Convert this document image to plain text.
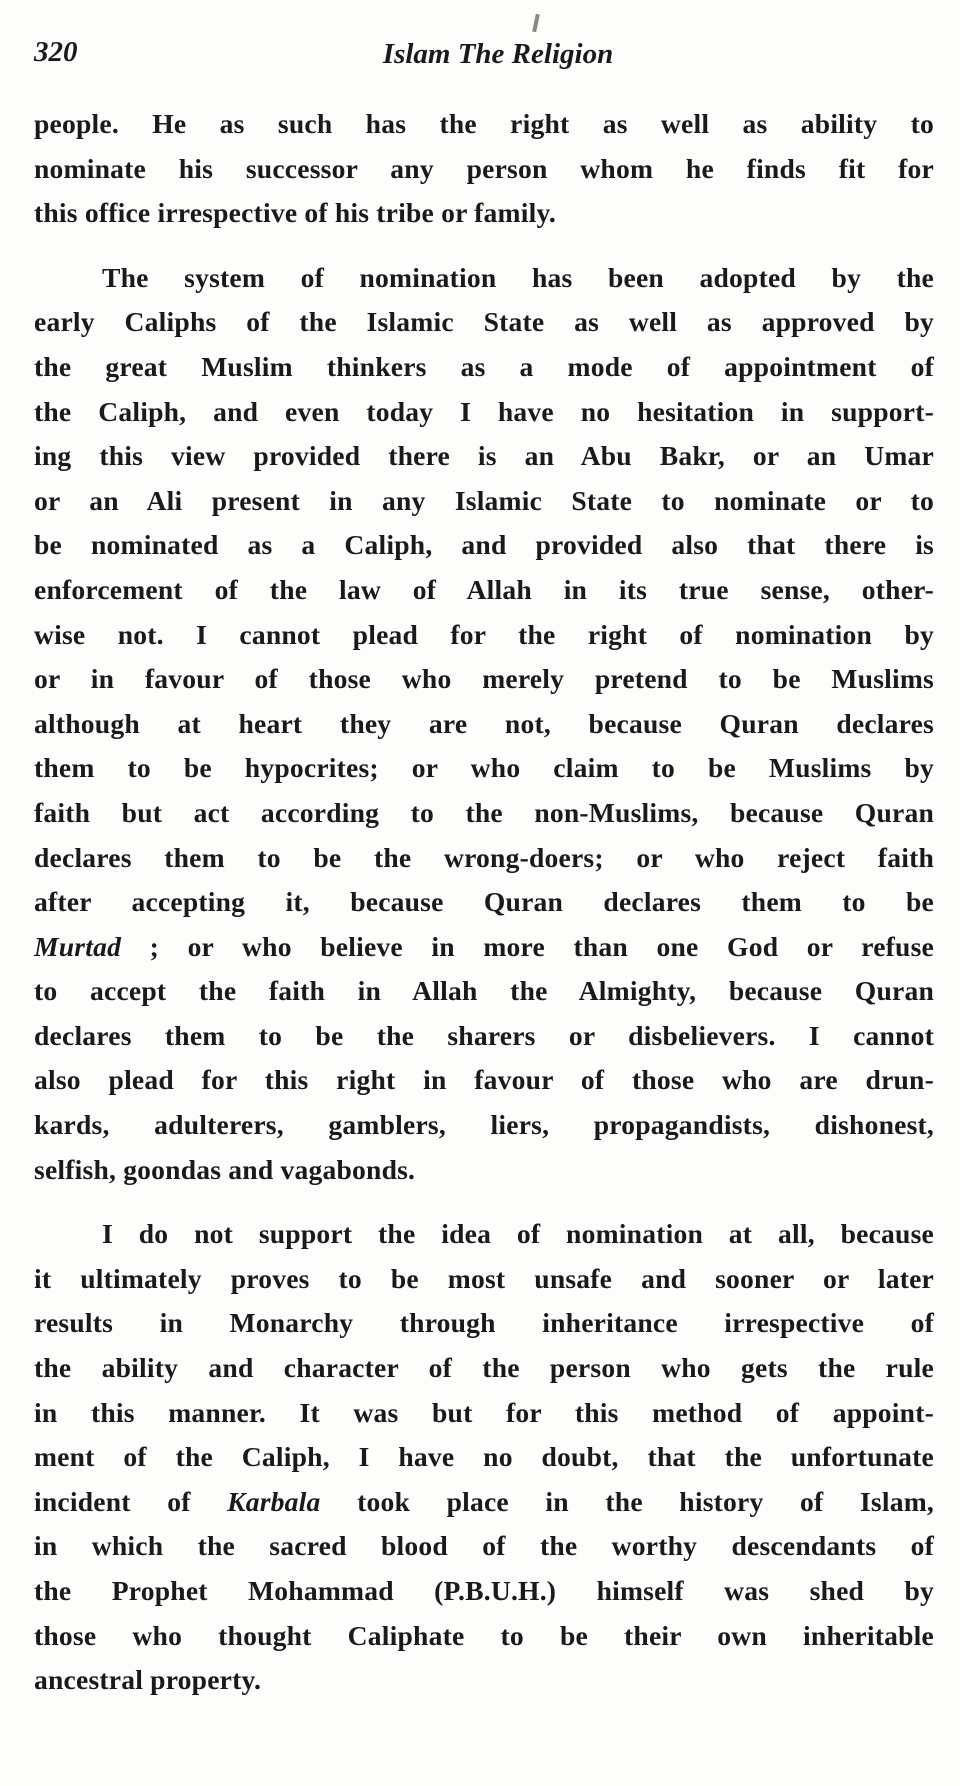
320	Islam The Religion
people. He as such has the right as well as ability to
nominate his successor any person whom he finds fit for
this office irrespective of his tribe or family.
The system of nomination has been adopted by the
early Caliphs of the Islamic State as well as approved by
the great Muslim thinkers as a mode of appointment of
the Caliph, and even today I have no hesitation in support-
ing this view provided there is an Abu Bakr, or an Umar
or an Ali present in any Islamic State to nominate or to
be nominated as a Caliph, and provided also that there is
enforcement of the law of Allah in its true sense, other-
wise not. I cannot plead for the right of nomination by
or in favour of those who merely pretend to be Muslims
although at heart they are not, because Quran declares
them to be hypocrites; or who claim to be Muslims by
faith but act according to the non-Muslims, because Quran
declares them to be the wrong-doers; or who reject faith
after accepting it, because Quran declares them to be
Murtad ; or who believe in more than one God or refuse
to accept the faith in Allah the Almighty, because Quran
declares them to be the sharers or disbelievers. I cannot
also plead for this right in favour of those who are drun-
kards, adulterers, gamblers, liers, propagandists, dishonest,
selfish, goondas and vagabonds.
I do not support the idea of nomination at all, because
it ultimately proves to be most unsafe and sooner or later
results in Monarchy through inheritance irrespective of
the ability and character of the person who gets the rule
in this manner. It was but for this method of appoint-
ment of the Caliph, I have no doubt, that the unfortunate
incident of Karbala took place in the history of Islam,
in which the sacred blood of the worthy descendants of
the Prophet Mohammad (P.B.U.H.) himself was shed by
those who thought Caliphate to be their own inheritable
ancestral property.
